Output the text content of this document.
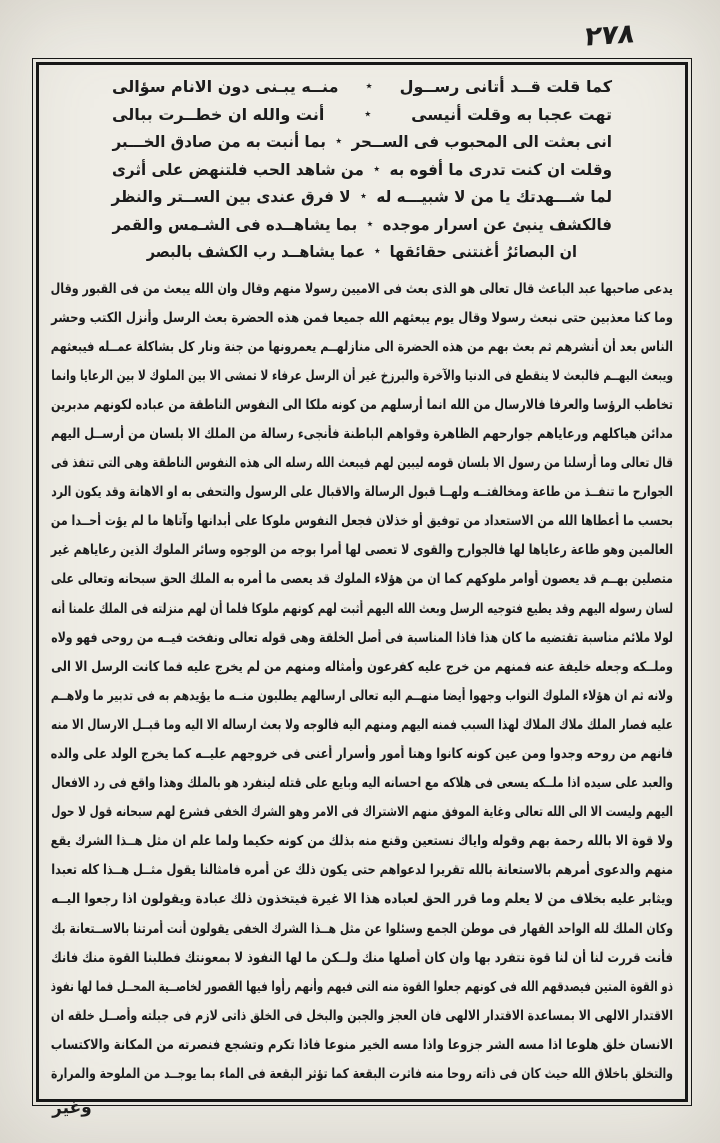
٢٧٨
كما قلت قــد أتانى رســول
٭
منــه يبـنى دون الانام سؤالى
تهت عجبا به وقلت أنيسى
٭
أنت والله ان خطــرت ببالى
انى بعثت الى المحبوب فى الســحر
٭
بما أنبت به من صادق الخـــبر
وقلت ان كنت تدرى ما أفوه به
٭
من شاهد الحب فلتنهض على أثرى
لما شـــهدتك يا من لا شبيـــه له
٭
لا فرق عندى بين الســتر والنظر
فالكشف ينبئ عن اسرار موجده
٭
بما يشاهــده فى الشـمس والقمر
ان البصائرُ أغنتنى حقائقها
٭
عما يشاهــد رب الكشف بالبصر
يدعى صاحبها عبد الباعث قال تعالى هو الذى بعث فى الاميين رسولا منهم وقال وان الله يبعث من فى القبور وقال
وما كنا معذبين حتى نبعث رسولا وقال يوم يبعثهم الله جميعا فمن هذه الحضرة بعث الرسل وأنزل الكتب وحشر
الناس بعد أن أنشرهم ثم بعث بهم من هذه الحضرة الى منازلهــم يعمرونها من جنة ونار كل بشاكلة عمــله فيبعثهم
ويبعث اليهــم فالبعث لا ينقطع فى الدنيا والآخرة والبرزخ غير أن الرسل عرفاء لا تمشى الا بين الملوك لا بين الرعايا وانما
تخاطب الرؤسا والعرفا فالارسال من الله انما أرسلهم من كونه ملكا الى النفوس الناطقة من عباده لكونهم مدبرين
مدائن هياكلهم ورعاياهم جوارحهم الظاهرة وقواهم الباطنة فأنجىء رسالة من الملك الا بلسان من أرســل اليهم
قال تعالى وما أرسلنا من رسول الا بلسان قومه ليبين لهم فيبعث الله رسله الى هذه النفوس الناطقة وهى التى تنفذ فى
الجوارح ما تنفــذ من طاعة ومخالفتــه ولهــا قبول الرسالة والاقبال على الرسول والتحفى به او الاهانة وقد يكون الرد
بحسب ما أعطاها الله من الاستعداد من توفيق أو خذلان فجعل النفوس ملوكا على أبدانها وآتاها ما لم يؤت أحــدا من
العالمين وهو طاعة رعاياها لها فالجوارح والقوى لا تعصى لها أمرا بوجه من الوجوه وسائر الملوك الذين رعاياهم غير
متصلين بهــم قد يعصون أوامر ملوكهم كما ان من هؤلاء الملوك قد يعصى ما أمره به الملك الحق سبحانه وتعالى على
لسان رسوله اليهم وقد يطيع فتوجيه الرسل وبعث الله اليهم أثبت لهم كونهم ملوكا فلما أن لهم منزلته فى الملك علمنا أنه
لولا ملائم مناسبة تقتضيه ما كان هذا فاذا المناسبة فى أصل الخلقة وهى قوله تعالى ونفخت فيــه من روحى فهو ولاه
وملــكه وجعله خليفة عنه فمنهم من خرج عليه كفرعون وأمثاله ومنهم من لم يخرج عليه فما كانت الرسل الا الى
ولانه ثم ان هؤلاء الملوك النواب وجهوا أيضا منهــم اليه تعالى ارسالهم يطلبون منــه ما يؤيدهم به فى تدبير ما ولاهــم
عليه فصار الملك ملاك الملاك لهذا السبب فمنه اليهم ومنهم اليه فالوجه ولا بعث ارساله الا اليه وما قبــل الارسال الا منه
فانهم من روحه وجدوا ومن عين كونه كانوا وهنا أمور وأسرار أعنى فى خروجهم عليــه كما يخرج الولد على والده
والعبد على سيده اذا ملــكه يسعى فى هلاكه مع احسانه اليه وبايع على قتله لينفرد هو بالملك وهذا واقع فى رد الافعال
اليهم وليست الا الى الله تعالى وغاية الموفق منهم الاشتراك فى الامر وهو الشرك الخفى فشرع لهم سبحانه قول لا حول
ولا قوة الا بالله رحمة بهم وقوله واياك نستعين وقنع منه بذلك من كونه حكيما ولما علم ان مثل هــذا الشرك يقع
منهم والدعوى أمرهم بالاستعانة بالله تقريرا لدعواهم حتى يكون ذلك عن أمره فامثالنا يقول مثــل هــذا كله تعبدا
ويثابر عليه بخلاف من لا يعلم وما قرر الحق لعباده هذا الا غيرة فيتخذون ذلك عبادة ويقولون اذا رجعوا اليــه
وكان الملك لله الواحد القهار فى موطن الجمع وسئلوا عن مثل هــذا الشرك الخفى يقولون أنت أمرتنا بالاســتعانة بك
فأنت قررت لنا أن لنا قوة نتفرد بها وان كان أصلها منك ولــكن ما لها النفوذ لا بمعونتك فطلبنا القوة منك فانك
ذو القوة المتين فيصدقهم الله فى كونهم جعلوا القوة منه التى فيهم وأنهم رأوا فيها القصور لخاصــية المحــل فما لها نفوذ
الاقتدار الالهى الا بمساعدة الاقتدار الالهى فان العجز والجبن والبخل فى الخلق ذاتى لازم فى جبلته وأصــل خلقه ان
الانسان خلق هلوعا اذا مسه الشر جزوعا واذا مسه الخير منوعا فاذا تكرم وتشجع فنصرته من المكانة والاكتساب
والتخلق باخلاق الله حيث كان فى ذاته روحا منه فاثرت البقعة كما تؤثر البقعة فى الماء بما يوجــد من الملوحة والمرارة
وغير
